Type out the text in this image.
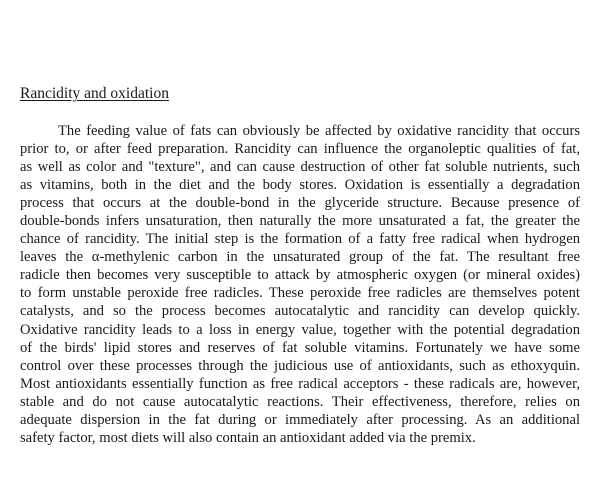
Rancidity and oxidation
The feeding value of fats can obviously be affected by oxidative rancidity that occurs
prior to, or after feed preparation. Rancidity can influence the organoleptic qualities of fat,
as well as color and "texture", and can cause destruction of other fat soluble nutrients, such
as vitamins, both in the diet and the body stores. Oxidation is essentially a degradation
process that occurs at the double-bond in the glyceride structure. Because presence of
double-bonds infers unsaturation, then naturally the more unsaturated a fat, the greater the
chance of rancidity. The initial step is the formation of a fatty free radical when hydrogen
leaves the α-methylenic carbon in the unsaturated group of the fat. The resultant free
radicle then becomes very susceptible to attack by atmospheric oxygen (or mineral oxides)
to form unstable peroxide free radicles. These peroxide free radicles are themselves potent
catalysts, and so the process becomes autocatalytic and rancidity can develop quickly.
Oxidative rancidity leads to a loss in energy value, together with the potential degradation
of the birds' lipid stores and reserves of fat soluble vitamins. Fortunately we have some
control over these processes through the judicious use of antioxidants, such as ethoxyquin.
Most antioxidants essentially function as free radical acceptors - these radicals are, however,
stable and do not cause autocatalytic reactions. Their effectiveness, therefore, relies on
adequate dispersion in the fat during or immediately after processing. As an additional
safety factor, most diets will also contain an antioxidant added via the premix.
